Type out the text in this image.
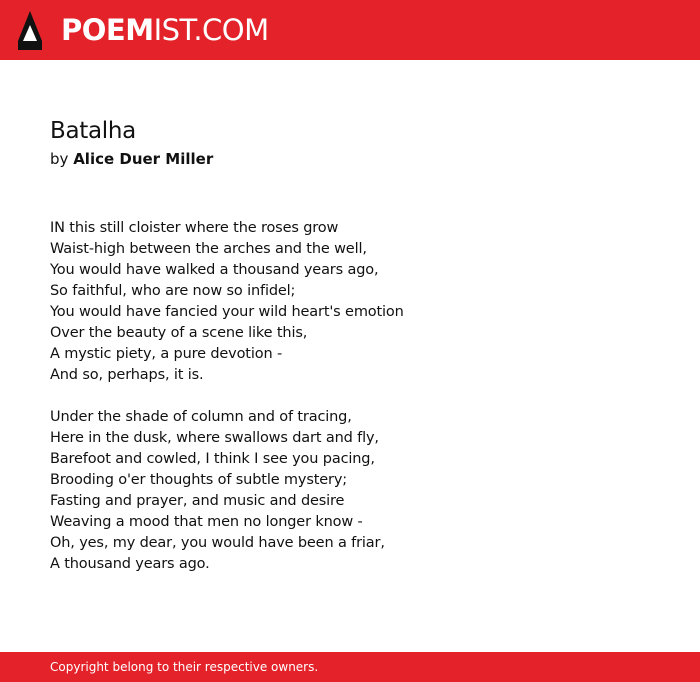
POEMIST.COM
Batalha
by Alice Duer Miller
IN this still cloister where the roses grow
Waist-high between the arches and the well,
You would have walked a thousand years ago,
So faithful, who are now so infidel;
You would have fancied your wild heart's emotion
Over the beauty of a scene like this,
A mystic piety, a pure devotion -
And so, perhaps, it is.
Under the shade of column and of tracing,
Here in the dusk, where swallows dart and fly,
Barefoot and cowled, I think I see you pacing,
Brooding o'er thoughts of subtle mystery;
Fasting and prayer, and music and desire
Weaving a mood that men no longer know -
Oh, yes, my dear, you would have been a friar,
A thousand years ago.
Copyright belong to their respective owners.
